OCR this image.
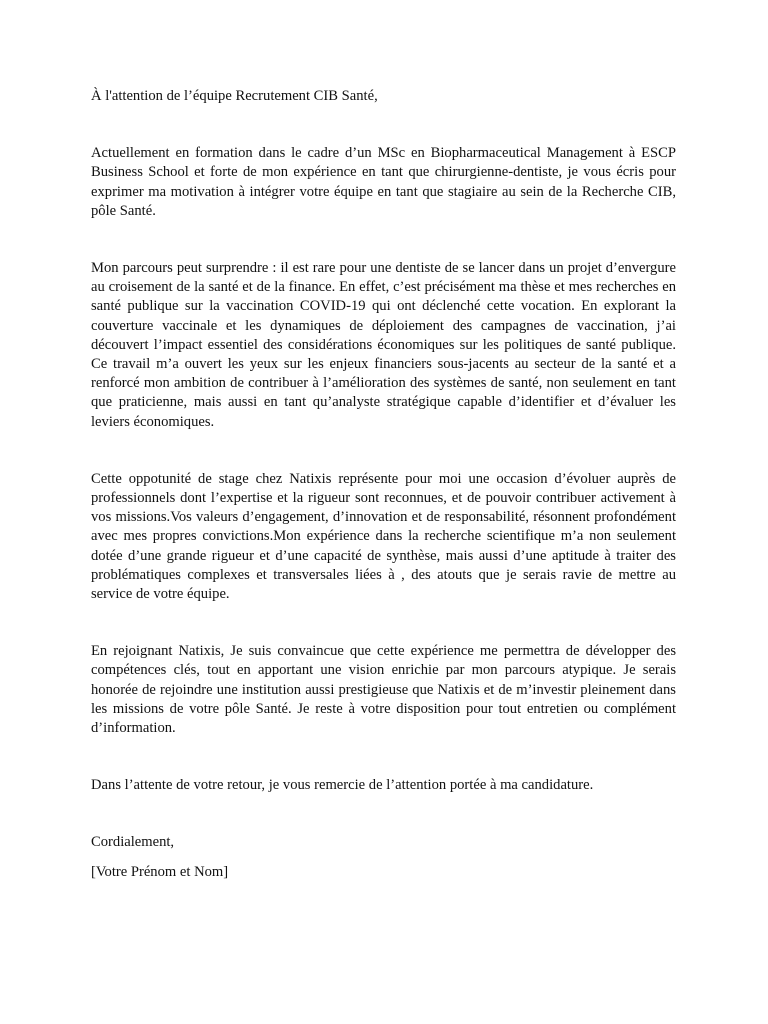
À l'attention de l’équipe Recrutement CIB Santé,

Actuellement en formation dans le cadre d’un MSc en Biopharmaceutical Management à ESCP Business School et forte de mon expérience en tant que chirurgienne-dentiste, je vous écris pour exprimer ma motivation à intégrer votre équipe en tant que stagiaire au sein de la Recherche CIB, pôle Santé.

Mon parcours peut surprendre : il est rare pour une dentiste de se lancer dans un projet d’envergure au croisement de la santé et de la finance. En effet, c’est précisément ma thèse et mes recherches en santé publique sur la vaccination COVID-19 qui ont déclenché cette vocation. En explorant la couverture vaccinale et les dynamiques de déploiement des campagnes de vaccination, j’ai découvert l’impact essentiel des considérations économiques sur les politiques de santé publique. Ce travail m’a ouvert les yeux sur les enjeux financiers sous-jacents au secteur de la santé et a renforcé mon ambition de contribuer à l’amélioration des systèmes de santé, non seulement en tant que praticienne, mais aussi en tant qu’analyste stratégique capable d’identifier et d’évaluer les leviers économiques.

Cette oppotunité de stage chez Natixis représente pour moi une occasion d’évoluer auprès de professionnels dont l’expertise et la rigueur sont reconnues, et de pouvoir contribuer activement à vos missions.Vos valeurs d’engagement, d’innovation et de responsabilité, résonnent profondément avec mes propres convictions.Mon expérience dans la recherche scientifique m’a non seulement dotée d’une grande rigueur et d’une capacité de synthèse, mais aussi d’une aptitude à traiter des problématiques complexes et transversales liées à , des atouts que je serais ravie de mettre au service de votre équipe.

En rejoignant Natixis, Je suis convaincue que cette expérience me permettra de développer des compétences clés, tout en apportant une vision enrichie par mon parcours atypique. Je serais honorée de rejoindre une institution aussi prestigieuse que Natixis et de m’investir pleinement dans les missions de votre pôle Santé. Je reste à votre disposition pour tout entretien ou complément d’information.

Dans l’attente de votre retour, je vous remercie de l’attention portée à ma candidature.

Cordialement,

[Votre Prénom et Nom]
